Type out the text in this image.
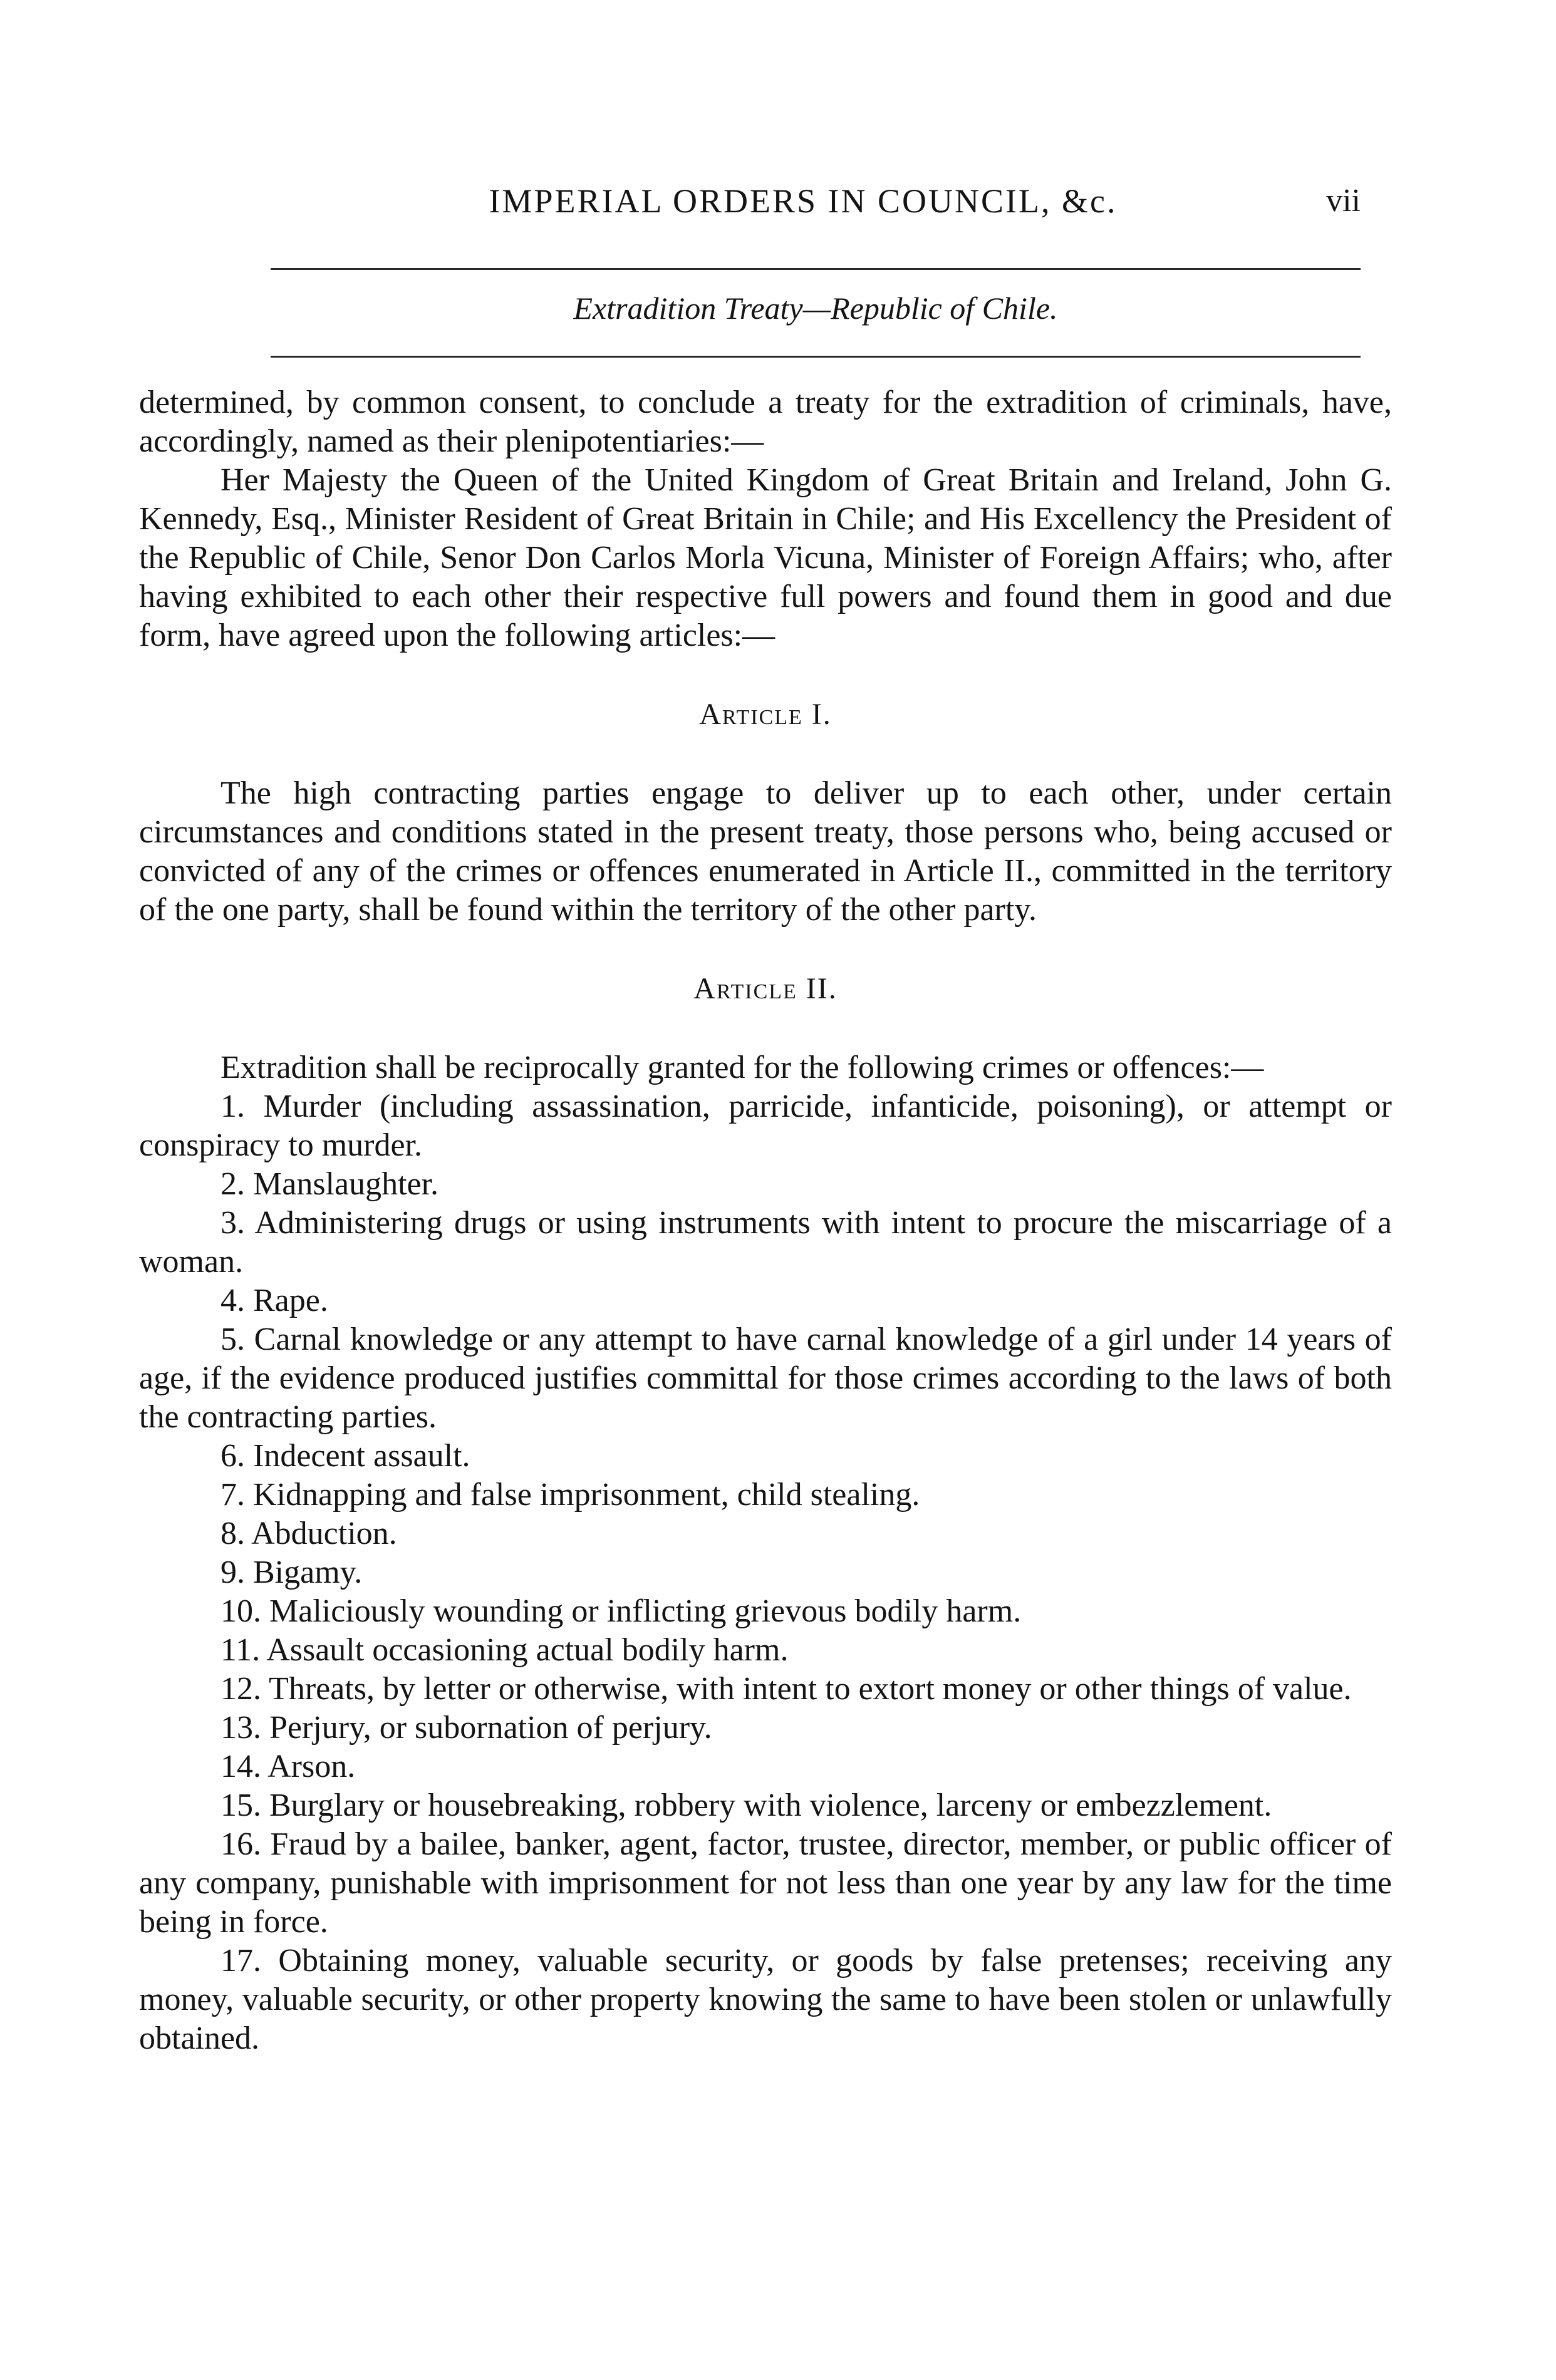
IMPERIAL ORDERS IN COUNCIL, &c.	vii
Extradition Treaty—Republic of Chile.

determined, by common consent, to conclude a treaty for the extradition of criminals, have, accordingly, named as their plenipotentiaries:—

Her Majesty the Queen of the United Kingdom of Great Britain and Ireland, John G. Kennedy, Esq., Minister Resident of Great Britain in Chile; and His Excellency the President of the Republic of Chile, Senor Don Carlos Morla Vicuna, Minister of Foreign Affairs; who, after having exhibited to each other their respective full powers and found them in good and due form, have agreed upon the following articles:—

Article I.

The high contracting parties engage to deliver up to each other, under certain circumstances and conditions stated in the present treaty, those persons who, being accused or convicted of any of the crimes or offences enumerated in Article II., committed in the territory of the one party, shall be found within the territory of the other party.

Article II.

Extradition shall be reciprocally granted for the following crimes or offences:—

1. Murder (including assassination, parricide, infanticide, poisoning), or attempt or conspiracy to murder.

2. Manslaughter.

3. Administering drugs or using instruments with intent to procure the miscarriage of a woman.

4. Rape.

5. Carnal knowledge or any attempt to have carnal knowledge of a girl under 14 years of age, if the evidence produced justifies committal for those crimes according to the laws of both the contracting parties.

6. Indecent assault.

7. Kidnapping and false imprisonment, child stealing.

8. Abduction.

9. Bigamy.

10. Maliciously wounding or inflicting grievous bodily harm.

11. Assault occasioning actual bodily harm.

12. Threats, by letter or otherwise, with intent to extort money or other things of value.

13. Perjury, or subornation of perjury.

14. Arson.

15. Burglary or housebreaking, robbery with violence, larceny or embezzlement.

16. Fraud by a bailee, banker, agent, factor, trustee, director, member, or public officer of any company, punishable with imprisonment for not less than one year by any law for the time being in force.

17. Obtaining money, valuable security, or goods by false pretenses; receiving any money, valuable security, or other property knowing the same to have been stolen or unlawfully obtained.
